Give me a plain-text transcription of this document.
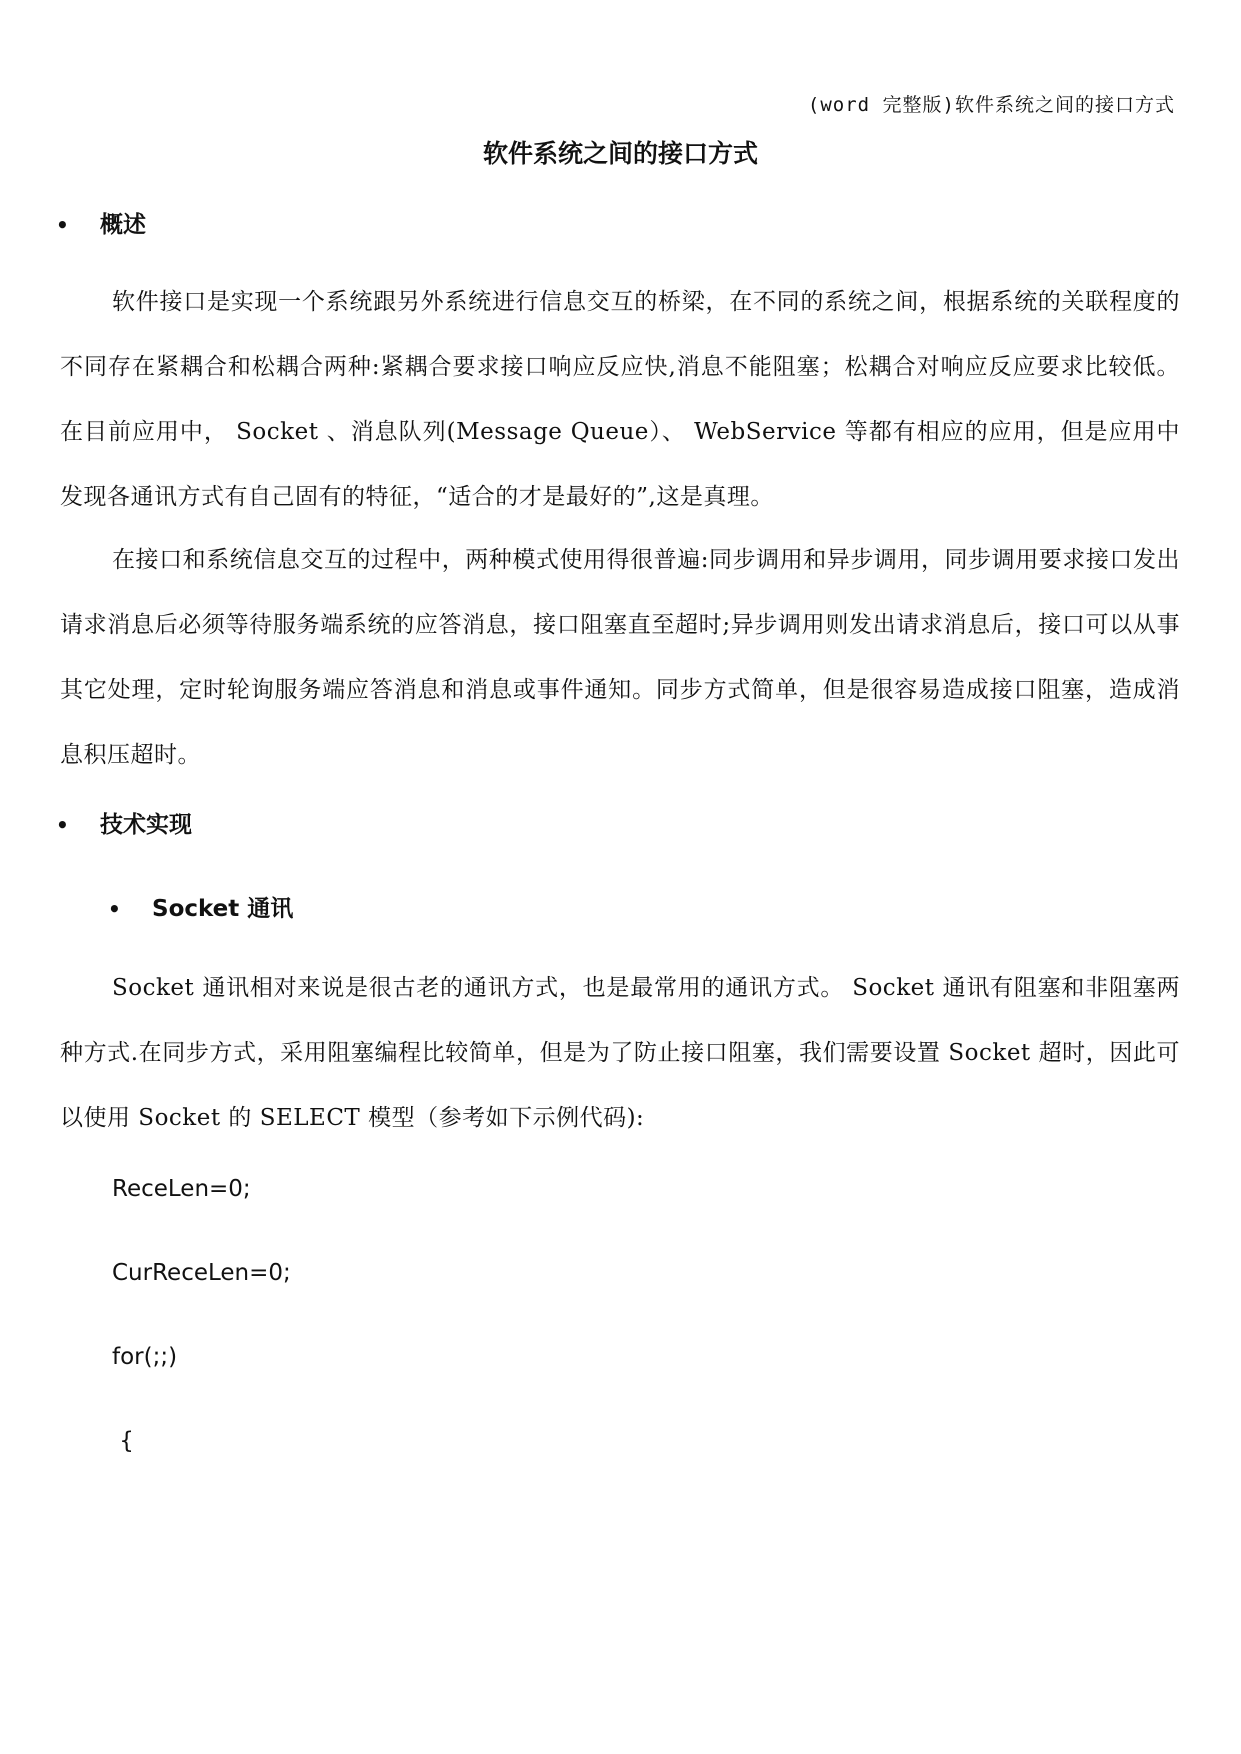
(word 完整版)软件系统之间的接口方式
软件系统之间的接口方式
• 概述
软件接口是实现一个系统跟另外系统进行信息交互的桥梁，在不同的系统之间，根据系统的关联程度的不同存在紧耦合和松耦合两种:紧耦合要求接口响应反应快,消息不能阻塞；松耦合对响应反应要求比较低。在目前应用中， Socket 、消息队列(Message Queue）、 WebService 等都有相应的应用，但是应用中发现各通讯方式有自己固有的特征，“适合的才是最好的”,这是真理。
在接口和系统信息交互的过程中，两种模式使用得很普遍:同步调用和异步调用，同步调用要求接口发出请求消息后必须等待服务端系统的应答消息，接口阻塞直至超时;异步调用则发出请求消息后，接口可以从事其它处理，定时轮询服务端应答消息和消息或事件通知。同步方式简单，但是很容易造成接口阻塞，造成消息积压超时。
• 技术实现
• Socket 通讯
Socket 通讯相对来说是很古老的通讯方式，也是最常用的通讯方式。 Socket 通讯有阻塞和非阻塞两种方式.在同步方式，采用阻塞编程比较简单，但是为了防止接口阻塞，我们需要设置 Socket 超时，因此可以使用 Socket 的 SELECT 模型（参考如下示例代码):
ReceLen=0;
CurReceLen=0;
for(;;)
{
